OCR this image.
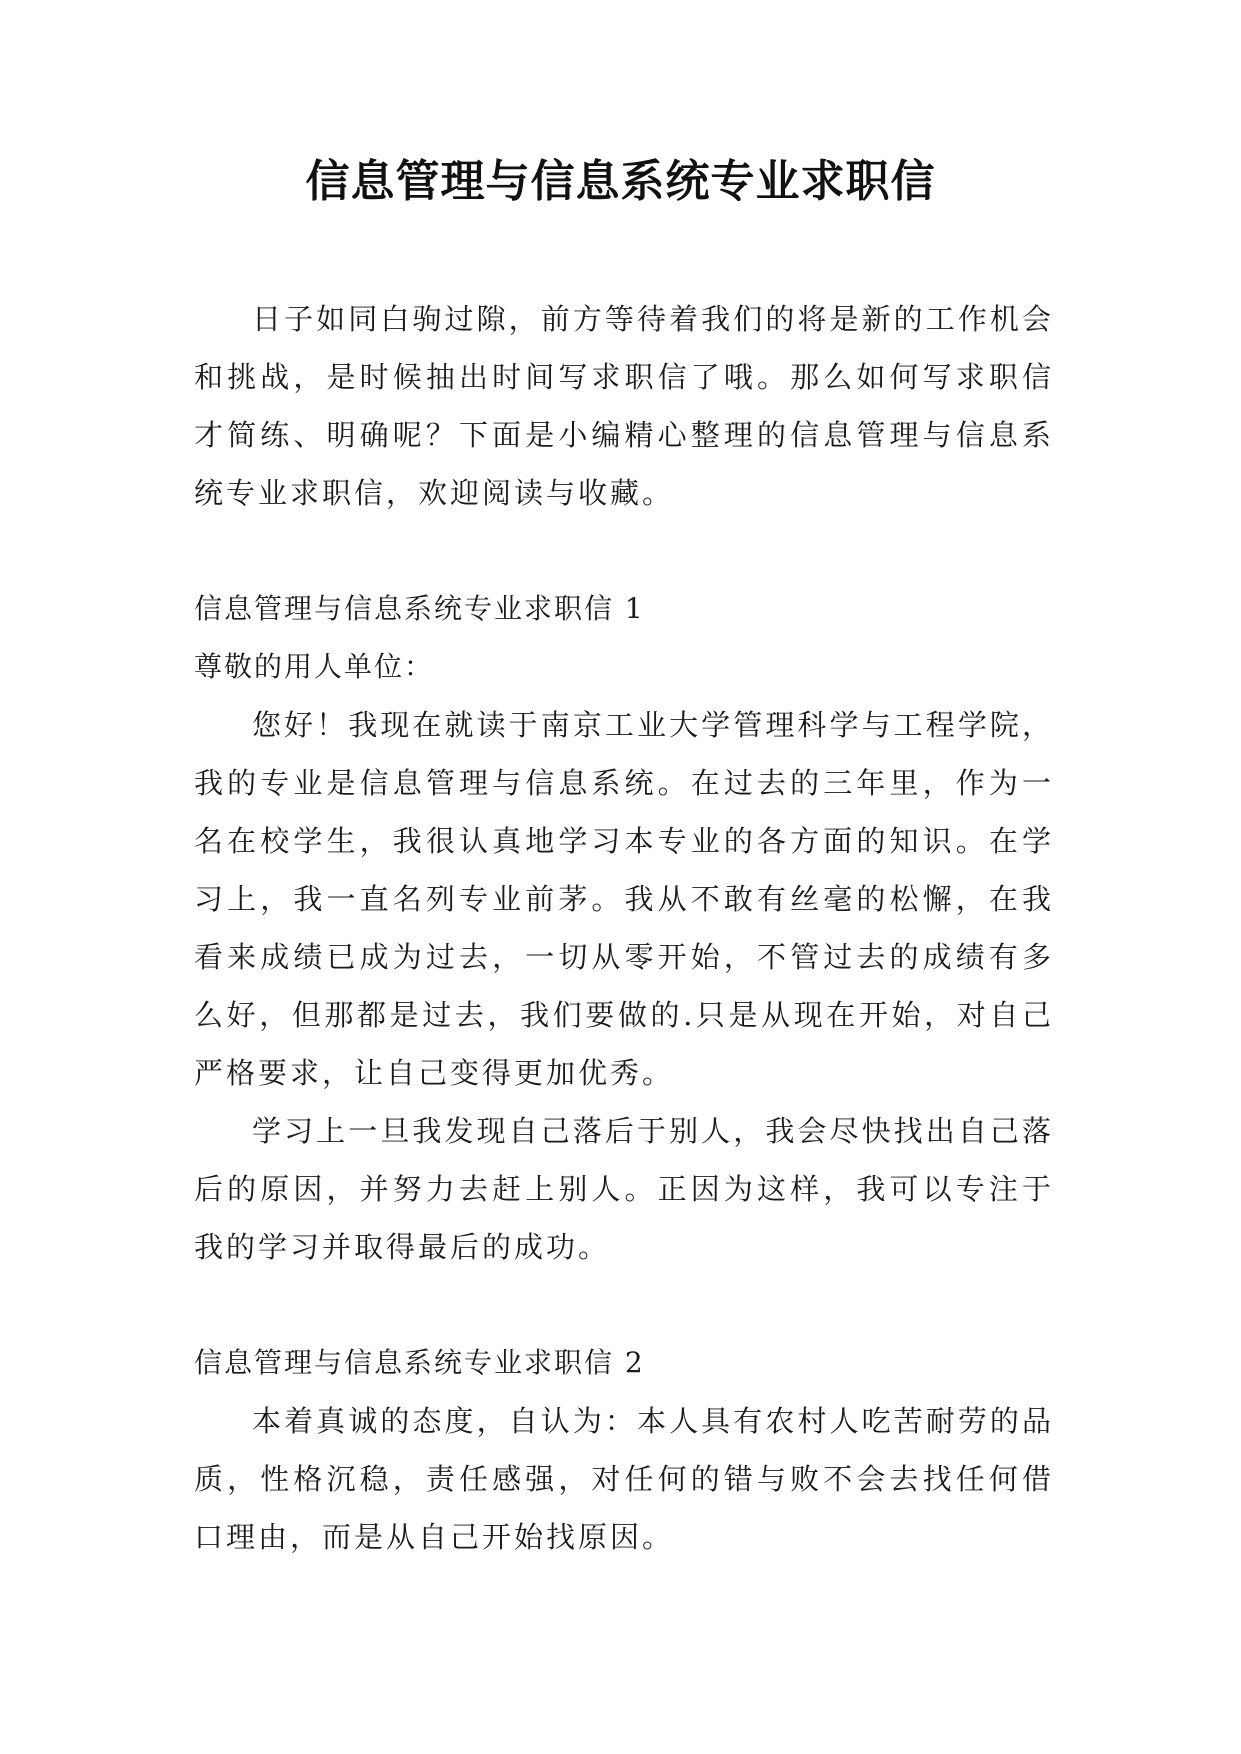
信息管理与信息系统专业求职信

日子如同白驹过隙，前方等待着我们的将是新的工作机会和挑战，是时候抽出时间写求职信了哦。那么如何写求职信才简练、明确呢？下面是小编精心整理的信息管理与信息系统专业求职信，欢迎阅读与收藏。

信息管理与信息系统专业求职信 1

尊敬的用人单位：

您好！我现在就读于南京工业大学管理科学与工程学院，我的专业是信息管理与信息系统。在过去的三年里，作为一名在校学生，我很认真地学习本专业的各方面的知识。在学习上，我一直名列专业前茅。我从不敢有丝毫的松懈，在我看来成绩已成为过去，一切从零开始，不管过去的成绩有多么好，但那都是过去，我们要做的.只是从现在开始，对自己严格要求，让自己变得更加优秀。

学习上一旦我发现自己落后于别人，我会尽快找出自己落后的原因，并努力去赶上别人。正因为这样，我可以专注于我的学习并取得最后的成功。

信息管理与信息系统专业求职信 2

本着真诚的态度，自认为：本人具有农村人吃苦耐劳的品质，性格沉稳，责任感强，对任何的错与败不会去找任何借口理由，而是从自己开始找原因。
